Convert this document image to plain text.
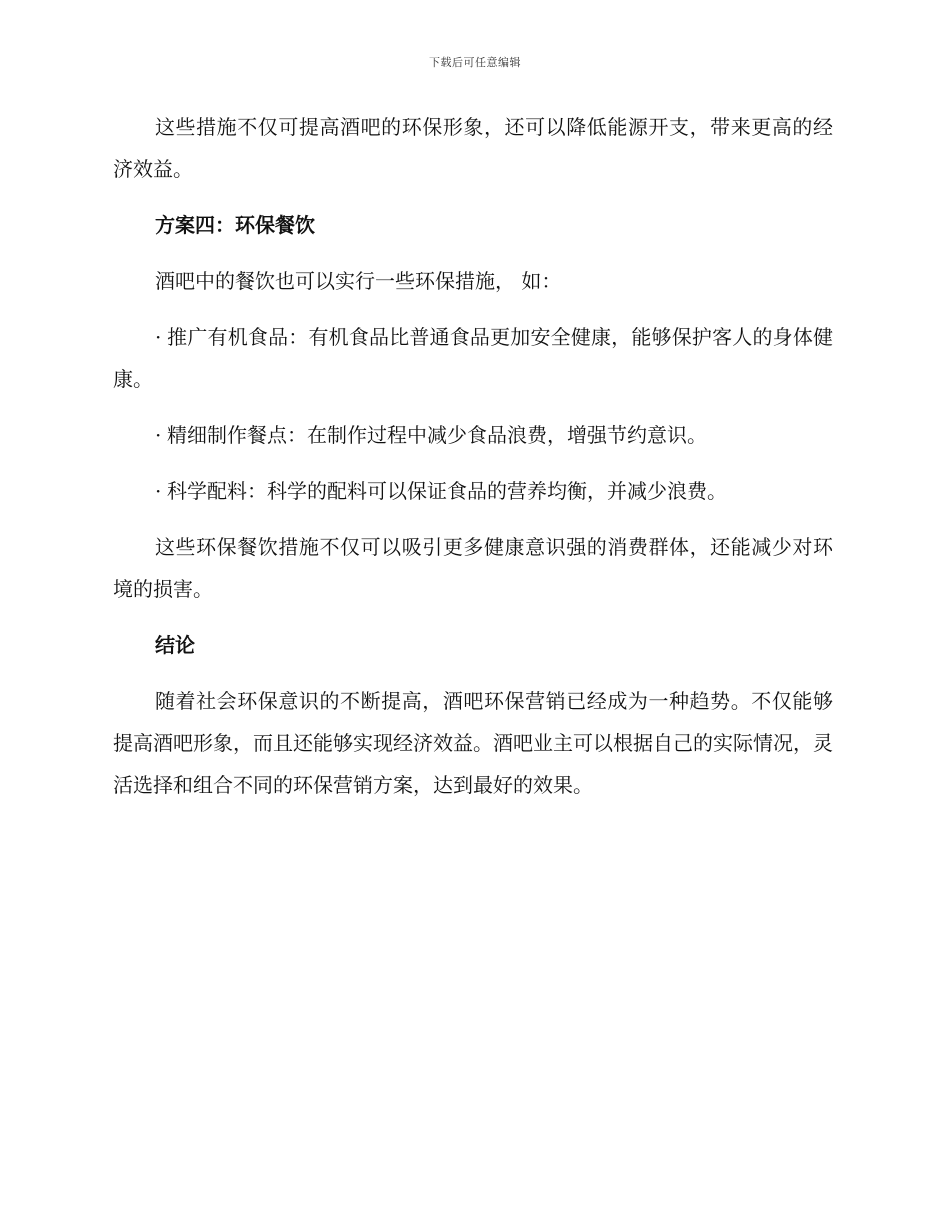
下载后可任意编辑

这些措施不仅可提高酒吧的环保形象，还可以降低能源开支，带来更高的经济效益。

方案四：环保餐饮

酒吧中的餐饮也可以实行一些环保措施， 如：

· 推广有机食品：有机食品比普通食品更加安全健康，能够保护客人的身体健康。

· 精细制作餐点：在制作过程中减少食品浪费，增强节约意识。

· 科学配料：科学的配料可以保证食品的营养均衡，并减少浪费。

这些环保餐饮措施不仅可以吸引更多健康意识强的消费群体，还能减少对环境的损害。

结论

随着社会环保意识的不断提高，酒吧环保营销已经成为一种趋势。不仅能够提高酒吧形象，而且还能够实现经济效益。酒吧业主可以根据自己的实际情况，灵活选择和组合不同的环保营销方案，达到最好的效果。
